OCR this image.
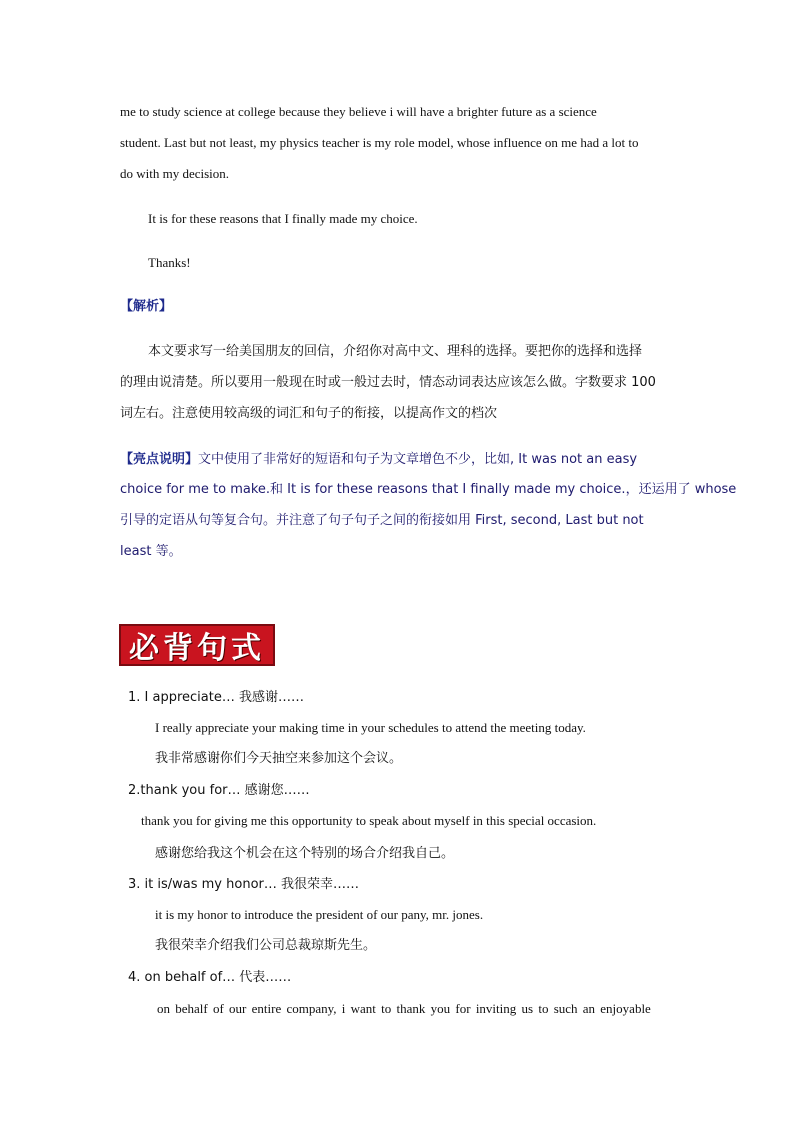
me to study science at college because they believe i will have a brighter future as a science
student. Last but not least, my physics teacher is my role model, whose influence on me had a lot to
do with my decision.
It is for these reasons that I finally made my choice.
Thanks!
【解析】
本文要求写一给美国朋友的回信，介绍你对高中文、理科的选择。要把你的选择和选择
的理由说清楚。所以要用一般现在时或一般过去时，情态动词表达应该怎么做。字数要求 100
词左右。注意使用较高级的词汇和句子的衔接，以提高作文的档次
【亮点说明】文中使用了非常好的短语和句子为文章增色不少，比如, It was not an easy
choice for me to make.和 It is for these reasons that I finally made my choice.，还运用了 whose
引导的定语从句等复合句。并注意了句子句子之间的衔接如用 First, second, Last but not
least 等。
必背句式
1. I appreciate… 我感谢……
I really appreciate your making time in your schedules to attend the meeting today.
我非常感谢你们今天抽空来参加这个会议。
2.thank you for… 感谢您……
thank you for giving me this opportunity to speak about myself in this special occasion.
感谢您给我这个机会在这个特别的场合介绍我自己。
3. it is/was my honor… 我很荣幸……
it is my honor to introduce the president of our pany, mr. jones.
我很荣幸介绍我们公司总裁琼斯先生。
4. on behalf of… 代表……
on behalf of our entire company, i want to thank you for inviting us to such an enjoyable
